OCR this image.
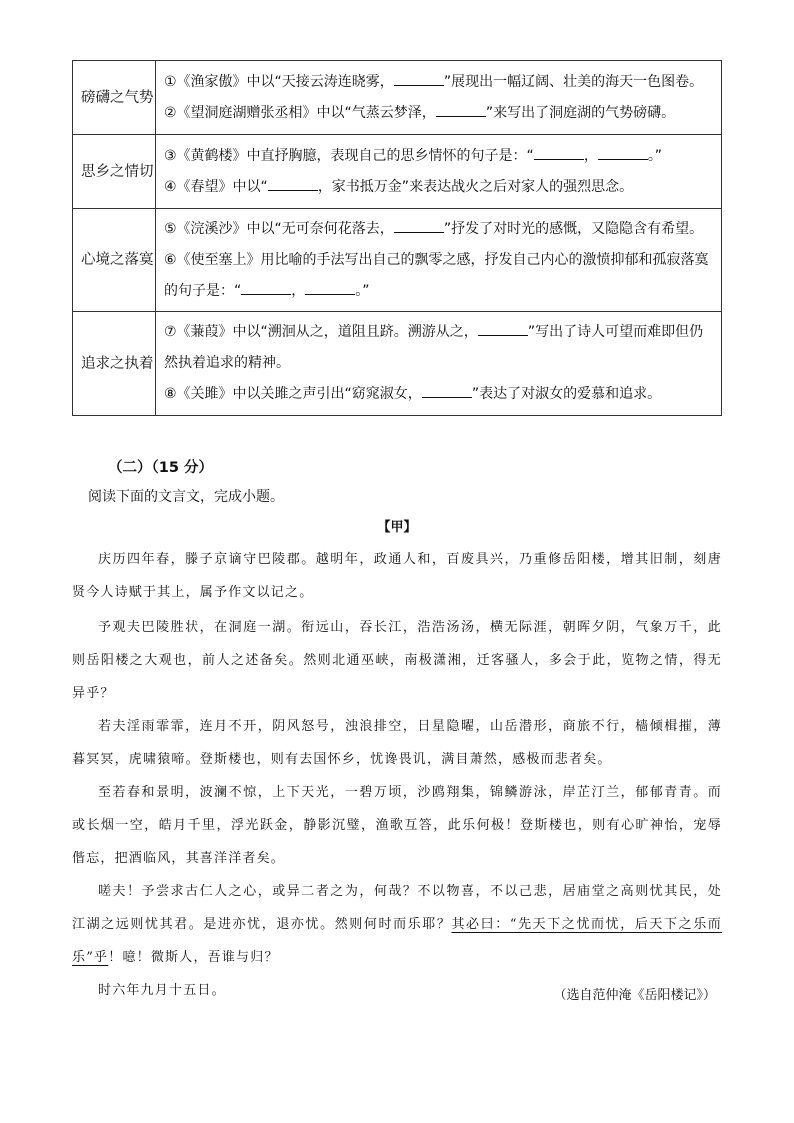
磅礴之气势	①《渔家傲》中以“天接云涛连晓雾， ”展现出一幅辽阔、壮美的海天一色图卷。
②《望洞庭湖赠张丞相》中以“气蒸云梦泽， ”来写出了洞庭湖的气势磅礴。

思乡之情切	③《黄鹤楼》中直抒胸臆，表现自己的思乡情怀的句子是：“ ， 。”
④《春望》中以“ ，家书抵万金”来表达战火之后对家人的强烈思念。

心境之落寞	⑤《浣溪沙》中以“无可奈何花落去， ”抒发了对时光的感慨，又隐隐含有希望。
⑥《使至塞上》用比喻的手法写出自己的飘零之感，抒发自己内心的激愤抑郁和孤寂落寞
的句子是：“ ， 。”

追求之执着	⑦《蒹葭》中以“溯洄从之，道阻且跻。溯游从之， ”写出了诗人可望而难即但仍
然执着追求的精神。
⑧《关雎》中以关雎之声引出“窈窕淑女， ”表达了对淑女的爱慕和追求。
（二）（15 分）
阅读下面的文言文，完成小题。
【甲】

庆历四年春，滕子京谪守巴陵郡。越明年，政通人和，百废具兴，乃重修岳阳楼，增其旧制，刻唐贤今人诗赋于其上，属予作文以记之。

予观夫巴陵胜状，在洞庭一湖。衔远山，吞长江，浩浩汤汤，横无际涯，朝晖夕阴，气象万千，此则岳阳楼之大观也，前人之述备矣。然则北通巫峡，南极潇湘，迁客骚人，多会于此，览物之情，得无异乎？

若夫淫雨霏霏，连月不开，阴风怒号，浊浪排空，日星隐曜，山岳潜形，商旅不行，樯倾楫摧，薄暮冥冥，虎啸猿啼。登斯楼也，则有去国怀乡，忧谗畏讥，满目萧然，感极而悲者矣。

至若春和景明，波澜不惊，上下天光，一碧万顷，沙鸥翔集，锦鳞游泳，岸芷汀兰，郁郁青青。而或长烟一空，皓月千里，浮光跃金，静影沉璧，渔歌互答，此乐何极！登斯楼也，则有心旷神怡，宠辱偕忘，把酒临风，其喜洋洋者矣。

嗟夫！予尝求古仁人之心，或异二者之为，何哉？不以物喜，不以己悲，居庙堂之高则忧其民，处江湖之远则忧其君。是进亦忧，退亦忧。然则何时而乐耶？其必曰：“先天下之忧而忧，后天下之乐而乐”乎！噫！微斯人，吾谁与归？

时六年九月十五日。	（选自范仲淹《岳阳楼记》）
